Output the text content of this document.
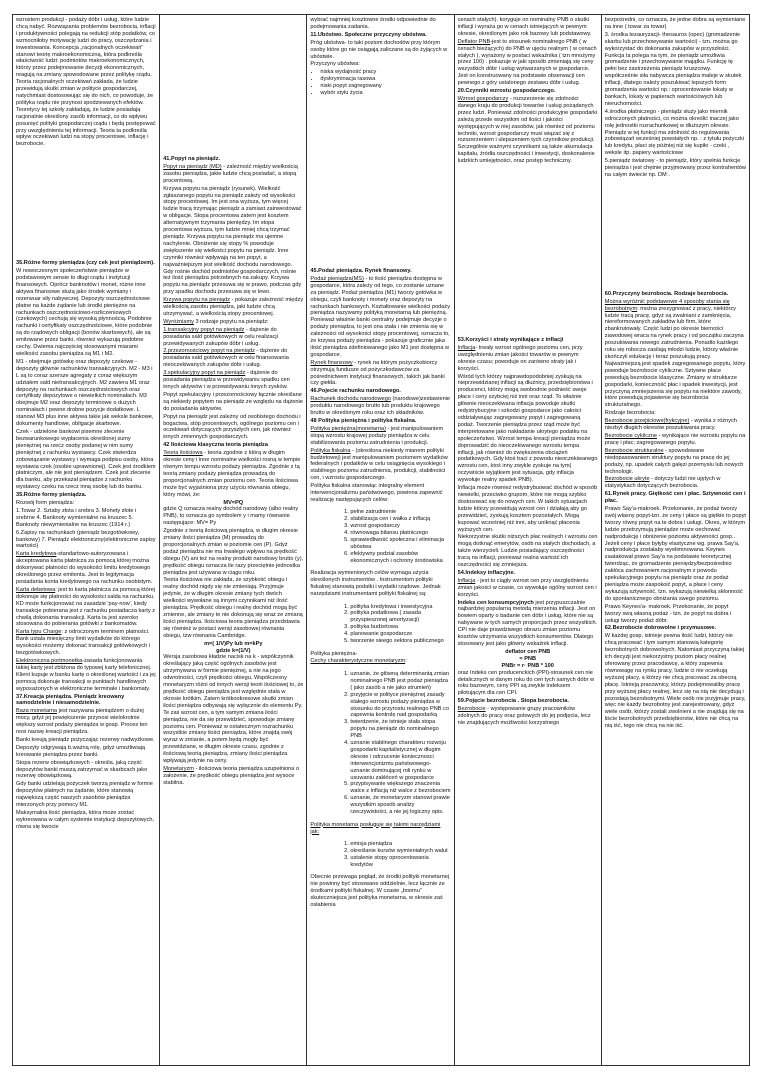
wzrostem produkcji - podaży dóbr i usług, które ludzie chcą nabyć. Rozwiązania problemów bezrobocia, inflacji i produktywności polegają na redukcji stóp podatków, co wzmocniłoby motywację ludzi do pracy, oszczędzania i inwestowania. Koncepcja „racjonalnych oczekiwań” stanowi teorię makroekonomiczną, która podkreśla właściwość ludzi: podmiotów makroekonomicznych, którzy przez podejmowanie decyzji ekonomicznych, reagują na zmiany spowodowane przez politykę rządu. Teoria racjonalnych oczekiwań zakłada, że ludzie przewidują skutki zmian w polityce gospodarczej, natychmiast dostosowując się do nich, co powoduje, że polityka rządu nie przynosi spodziewanych efektów. Teoretycy tej szkoły zakładają, że ludzie posiadają racjonalnie określony zasób informacji, co do wpływu posunięć polityki gospodarczej rządu i będą postępować przy uwzględnieniu tej informacji. Teoria ta podkreśla wpływ oczekiwań ludzi na stopy procentowe, inflację i bezrobocie.
35.Różne formy pieniądza (czy cek jest pieniądzem).
W nowoczesnym społeczeństwie pieniądze w podstawowym sensie to długi rządu i instytucji finansowych. Oprócz banknotów i monet, różne inne aktywa finansowe służą jako środek wymiany i rezerwuar siły nabywczej. Depozyty oszczędnościowe płatne na każde żądanie lub środki pieniężne na rachunkach oszczędnościowo-rozliczeniowych (czekowych) cechują się wysoką płynnością. Podobnie rachunki i certyfikaty oszczędnościowe, które podobnie są do rządowych obligacji (bonów skarbowych), ale są emitowane przez banki, również wykazują podobne cechy. Dwiema najczęściej stosowanymi miarami wielkości zasobu pieniądza są M1 i M2.
M1 - obejmuje gotówkę oraz depozyty czekowe - depozyty głównie rachunków transakcyjnych. M2 - M3 i L są to coraz szersze agregaty z coraz większym udziałem sald nietransakcyjnych. M2 zawiera M1 oraz depozyty na rachunkach oszczędnościowych oraz certyfikaty depozytowe o niewielkich nominałach. M3 obejmuje M2 oraz depozyty terminowe o dużych nominałach i pewne drobne pozycje dodatkowe. L stanowi M3 plus inne aktywa takie jak weksle bankowe, dokumenty handlowe, obligacje skarbowe.
Czek - udzielone bankowi pisemne zlecenie bezwarunkowego wypłacenia określonej sumy pieniężnej na rzecz osoby podanej w nim sumy pieniężnej z rachunku wystawcy. Czek stwierdza zobowiązanie wystawcy i wymaga podpisu osoby, która wystawia czek (osobie uprawnionej). Czek jest środkiem płatniczym, ale nie jest pieniądzem. Czek jest zlecenie dla banku, aby przekazał pieniądze z rachunku wystawcy czeku na rzecz inną osobę lub do banku.
35.Różne formy pieniądza.
Rozwój form pieniądza:
1.Towar 2. Sztaby złota i srebra 3. Monety złote i srebrne 4. Banknoty wymienialne na kruszec 5. Banknoty niewymienialne na kruszec (1914 r.)
6.Zapisy na rachunkach (pieniądz bezgotówkowy, bankowy) 7. Pieniądz elektroniczny(elektroniczne zapisy wartości)
Karta kredytowa-standartowo-autoryzowana i akceptowana karta płatnicza za pomocą której można dokonywać płatności do wysokości limitu kredytowego określonego przez emitenta. Jest to legitymacja posiadania konta kredytowego na rachunku osobistym.
Karta debetowa: jest to karta płatnicza za pomocą której dokonuje się płatności do wysokości salda na rachunku. KD może funkcjonować na zasadzie 'pay-now', kiedy transakcje pobierana jest z rachunku posiadacza karty z chwilą dokonania transakcji. Karta ta jest szeroko stosowana do pobierania gotówki z bankomatów.
Karta typu Charge: z odroczonym terminem płatności. Bank ustala miesięczny limit wydatków do którego wysokości możemy dokonać transakcji gotówkowych i bezgotówkowych.
Elektroniczna portmonetka-zasada funkcjonowania takiej karty jest zbliżona do typowej karty telefonicznej. Klient kupuje w banku kartę o określonej wartości i za jej pomocą dokonuje transakcji w punktach handlowych wyposażonych w elektroniczne terminale i bankomaty.
37.Kreacja pieniądza. Pieniądz kreowany samodzielnie i niesamodzielnie.
Baza monetarna jest nazywana pieniądzem o dużej mocy, gdyż jej powiększenie przynosi wielokrotnie większy wzrost podaży pieniądza w gosp. Proces ten nosi nazwę kreacji pieniądza.
Banki kreują pieniądz pożyczając rezerwy nadwyżkowe.
Depozyty odgrywają b.ważną rolę, gdyż umożliwiają kreowanie pieniądza przez banki.
Stopa rezerw obowiązkowych - określa, jaką część depozytów banki muszą zatrzymać w skarbcach jako rezerwę obowiązkową.
Gdy banki udzielają pożyczek tworzą pieniądz w formie depozytów płatnych na żądanie, które stanowią największą część naszych zasobów pieniądza mierzonych przy pomocy M1.
Maksymalna ilość pieniądza, która może zostać wykreowana w całym systemie instytucji depozytowych, równa się kwocie
41.Popyt na pieniądz.
Popyt na pieniądz (MD) - zależność między wielkością zasobu pieniądza, jakie ludzie chcą posiadać, a stopą procentową.
Krzywa popytu na pieniądz (rysunek). Wielkość zgłaszanego popytu na pieniądz zależy od wysokości stopy procentowej. Im jest ona wyższa, tym więcej ludzie tracą trzymając pieniądz a zamiast zainwestować w obligacje. Stopa procentowa zatem jest kosztem alternatywnym trzymania pieniędzy. Im stopa procentowa wyższa, tym ludzie mniej chcą trzymać pieniądz. Krzywa popytu na pieniądz ma ujemne nachylenie. Obniżenie się stopy % powoduje zwiększenie się wielkości popytu na pieniądz. Inne czynniki również wpływają na ten popyt, a najważniejszym jest wielkość dochodu narodowego. Gdy rośnie dochód podmiotów gospodarczych, rośnie też ilość pieniądza potrzebnych na zakupy. Krzywa popytu na pieniądz przesuwa się w prawo, podczas gdy przy spadku dochodu przesuwa się w lewo.
Krzywa popytu na pieniądz - pokazuje zależność między wielkością zasobu pieniądza, jaki ludzie chcą utrzymywać, a wielkością stopy procentowej.
Wyróżniamy 3 rodzaje popytu na pieniądz:
1.transakcyjny popyt na pieniądz - dążenie do posiadania sald gotówkowych w celu realizacji przewidywanych zakupów dóbr i usług.
2.przezornościowy popyt na pieniądz - dążenie do posiadania sald gotówkowych w celu finansowania nieoczekiwanych zakupów dóbr i usług.
3.spekulacyjny popyt na pieniądz - dążenie do posiadania pieniądza w przewidywaniu spadku cen innych aktywów i w przewidywaniu innych zysków.
Popyt spekulacyjny i przezornościowy łącznie określane są niekiedy popytem na pieniądz ze względu na dążenie do posiadania aktywów.
Popyt na pieniądz jest zależny od osobistego dochodu i bogactwa, stóp procentowych, ogólnego poziomu cen i oczekiwań dotyczących przyszłych cen, jak również innych zmiennych gospodarczych.
42 Ilościowa klasyczna teoria pieniądza
Teoria ilościowa - teoria zgodnie z którą w długim okresie ceny i inne nominalne wielkości rosną w tempie równym tempu wzrostu podaży pieniądza. Zgodnie z tą teorią zmiany podaży pieniądza prowadzą do proporcjonalnych zmian poziomu cen. Teoria ilościowa może być wyjaśniona przy użyciu równania obiegu, który mówi, że:
MV=PQ
gdzie Q oznacza realny dochód narodowy (albo realny PNB), to oznacza go symbolem y i mamy równanie następujące: MV= Py
Zgodnie z teorią ilościową pieniądza, w długim okresie zmiany ilości pieniądza (M) prowadzą do proporcjonalnych zmian w poziomie cen (P). Gdyż podaż pieniądza nie ma trwałego wpływu na prędkość obiegu (V) ani też na realny produkt narodowy brutto (y), prędkość obiegu oznacza ile razy przeciętnie jednostka pieniądza jest używana w ciągu roku.
Teoria ilościowa nie zakłada, że szybkość obiegu i realny dochód nigdy się nie zmieniają. Przyjmuje jedynie, że w długim okresie zmiany tych dwóch wielkości wywołane są innymi czynnikami niż ilość pieniądza. Prędkość obiegu i realny dochód mogą być zmienne, ale zmiany te nie dokonują się wraz ze zmianą ilości pieniądza. Ilościowa teoria pieniądza przedstawia się również w postaci wersji zasobowej równania obiegu, tzw równania Cambridge.
m=( 1/V)Py lub m=kPy
gdzie k=(1/V)
Wersja zasobowa kładzie nacisk na k - współczynnik określający jaką część ogólnych zasobów jest utrzymywana w formie pieniężnej, a nie na jego odwrotności, czyli prędkości obiegu. Współczesny monetaryzm różni od innych wersji teorii ilościowej to, że prędkość obiegu pieniądza jest względnie stała w okresie krótkim. Zatem krótkookresowe skutki zmian ilości pieniądza odbywają się wyłącznie do elementu Py. Te zaś wzrost cen, a tym samym zmiana ilości pieniądza, nie da się przewidzieć, spowoduje zmianę poziomu cen. Ponieważ w ostatecznym rozrachunku wszystkie zmiany ilości pieniądza, które znajdą swój wyraz w zmianie, a potem będą mogły być przewidziane, w długim okresie czasu, zgodnie z ilościową teorią pieniądza, zmiany ilości pieniądza wpływają jedynie na ceny.
Monetaryzm - ilościowa teoria pieniądza uzupełniona o założenie, że prędkość obiegu pieniądza jest wysoce stabilna.
wybrać najmniej kosztowne środki odpowiednie do podejmowania zadania.
11.Ubóstwo. Społeczne przyczyny ubóstwa.
Próg ubóstwa- to taki poziom dochodów przy którym osoby które go nie osiągają zaliczane są do żyjących w ubóstwie.
Przyczyny ubóstwa:
• niska wydajność pracy
• dyskryminacja rasowa
• niski popyt zagregowany
• wybór stylu życia
45.Podaż pieniądza. Rynek finansowy.
Podaż pieniądza(MS) - to ilość pieniądza dostępna w gospodarce, która zależy od tego, co zostanie uznane za pieniądz. Podaż pieniądza (M1) tworzy gotówka w obiegu, czyli banknoty i monety oraz depozyty na rachunkach bankowych. Kształtowanie wielkości podaży pieniądza nazywamy polityką monetarną lub pieniężną. Ponieważ właśnie banki centralny podejmuje decyzje o podaży pieniądza, to jest ona stała i nie zmienia się w zależności od wysokości stopy procentowej, oznacza to, że krzywa podaży pieniądza - pokazuje graficznie jaka ilość pieniądza zdefiniowanego jako M1 jest dostępna w gospodarce.
Rynek finansowy - rynek na którym pożyczkobiorcy otrzymują fundusze od pożyczkodawców za pośrednictwem instytucji finansowych, takich jak banki czy giełda.
46.Pojecie rachunku narodowego.
Rachunek dochodu narodowego (narodowe)zestawienie produktu narodowego brutto lub produktu krajowego brutto w określonym roku oraz ich składników.
48 Polityka pieniężna i polityka fiskalna.
Polityka pieniężna(monetarna) - jest manipulowaniem stopą wzrostu krajowej podaży pieniądza w celu stabilizowania poziomu zatrudnienia i produkcji.
Polityka fiskalna - (określona niekiedy mianem polityki budżetowej) jest manipulowaniem poziomem wydatków federalnych i podatków w celu osiągnięcia wysokiego i stabilnego poziomu zatrudnienia, produkcji, stabilności cen, i wzrostu gospodarczego.
Polityka fiskalna stanowiąc integralny element interwencjonalizmu państwowego, powinna zapewnić realizację następujących celów:
1. pełne zatrudnienie
2. stabilizacja cen i wałka z inflacją
3. wzrost gospodarczy
4. równowaga bilansu płatniczego
5. sprawiedliwość społeczna i eliminacja ubóstwa
6. efektywny podział zasobów ekonomicznych i ochrony środowiska
Realizacja wymienionych celów wymaga użycia określonych instrumentów . Instrumentom polityki fiskalnej stanowią podatki i wydatki rządowe. Jednak narzędziami instrumentami polityki fiskalnej są:
1. polityka kredytowa i inwestycyjna
2. polityka podatkowa ( zasada przyspieszonej amortyzacji)
3. polityka budżetowa
4. planowanie gospodarcze
5. tworzenie sieego sektora publicznego
Polityka pieniężna-
Cechy charakterystyczne monetaryzm:
1. uznanie, że główną determinantą zmian nominalnego PNB jest podaż pieniądza ( jako zasób a nie jako strumień)
2. przyjęcie w polityce pieniężnej zasady stałego wzrostu podaży pieniądza w stosunku do przyrostu realnego PNB co zapewnia kontrolę nad gospodarką
3. twierdzenie, że istnieje stała stopa popytu na pieniądz do nominalnego PNB
4. uznanie stabilnego charakteru rozwoju gospodarki kapitalistycznej w długim okresie i odrzucenie koniecznosci interwencjonizmu państwowego-uznanie dominującej roli rynku w usuwaniu zakłóceń w gospodarce
5. przypisywanie większego znaczenia walce z inflacją niż walce z bezrobociem
6. uznanie, że monetaryzm stanowi prawie wszystkim sposób analizy rzeczywistości, a nie jej logiczny opis.
Polityka monetarna posługuje się takimi narzędziami jak:
1. emisja pieniądza
2. określanie kursów wymienialnych walut
3. ustalenie stopy oprocentowania kredytów
Obecnie przewaga pogląd, że środki polityki monetarnej nie powinny być stosowane oddzielnie, lecz łącznie ze środkami polityki fiskalnej. W czasie „boomu” skuteczniejsza jest polityka monetarna, w okresie zaś osłabienia
cenach stałych). koryguje on nominalny PNB o skutki inflacji i wyraża go w cenach istniejących w pewnym okresie, określonym jako rok bazowy lub podstawowy.
Deflator PNB-jest to stosunek nominalnego PNB ( w cenach bieżących) do PNB w ujęciu realnym ( w cenach stałych ), wyrażony w postaci wskaźnika ( tzn mnożymy przez 100) . pokazuje w jaki sposób zmieniają się ceny wszystkich dóbr i usług wytwarzanych w gospodarce. Jest on konstruowany na podstawie obserwacji cen pewnego z góry ustalonego zestawu dóbr i usług.
20.Czynniki wzrostu gospodarczego.
Wzrost gospodarczy - rozszerzenie się zdolności danego kraju do produkcji towarów i usług pożądanych przez ludzi. Ponieważ zdolności produkcyjne gospodarki zależą przede wszystkim od ilości i jakości występujących w niej zasobów, jak również od poziomu techniki, wzrost gospodarczy musi wiązać się z rozszerzeniem i ulepszeniem tych czynników produkcji. Szczególnie ważnymi czynnikami są także akumulacja kapitału, źródła oszczędności i inwestycji, doskonalenie ludzkich umiejętności, oraz postęp techniczny.
53.Korzyści i straty wynikające z inflacji
Inflacja- trwały wzrost ogólnego poziomu cen, przy uwzględnieniu zmian jakości towarów w pewnym okresie czasu; powoduje on zarówno straty jak i korzyści.
Wśród tych którzy najprawdopodobniej zyskują na nieprzewidzianej inflacji są dłużnicy, przedsiębiorstwa i producenci, którzy mogą swobodnie podnieść swoje płace i ceny szybciej niż inni oraz rząd. To właśnie głównie nieoczekiwana inflacja powoduje skutki redystrybucyjne i szkodzi gospodarce jako całości oddziaływując zagregowany popyt i zagregowaną podaż. Tworzenie pieniądza przez rząd może być interpretowane jako nakładanie ukrytego podatku na społeczeństwo. Wzrost tempa kreacji pieniądza może doprowadzić do nieoczekiwanego wzrostu tempa inflacji, jak również do zwiększenia obciążeń podatkowych. Gdy ktoś traci z powodu nieoczekiwanego wzrostu cen, ktoś inny zwykle zyskuje na tym( oczywiście wyjątkiem jest sytuacja, gdy inflacja wywołuje realny spadek PNB).
Inflacja może również redystrybuować dochód w sposób niewielki, przeciwko grupom, które nie mogą szybko dostosować się do nowych cen. W takich sytuacjach ludzie którzy przewidują wzrost cen i działają aby go przewidzieć, zyskują kosztem pozostałych. Mogą kupować wcześniej niż inni, aby uniknąć płacenia wyższych cen.
Niekorzystne skutki niższych płac realnych i wzrostu cen mogą dotknąć emerytów, osób na stałych dochodach, a także wierzycieli. Ludzie posiadający oszczędności tracą na inflacji, ponieważ realna wartość ich oszczędności się zmniejsza.
54.Indeksy inflacyjne.
Inflacja - jest to ciągły wzrost cen przy uwzględnieniu zmian jakości w czasie, co wywołuje ogólny wzrost cen i korzyści.
Indeks cen konsumpcyjnych jest przypuszczalnie najbardziej popularną metodą mierzenia inflacji. Jest on bowiem oparty o badanie cen dóbr i usług, które nie są nabywane w tych samych proporcjach przez wszystkich. CPI nie daje prawdziwego obrazu zmian poziomu kosztów utrzymania wszystkich konsumentów. Dlatego stosowany jest jako główny wskaźnik inflacji.
deflator cen PNB
= PNB
PNBr = r· PNB * 100
oraz Indeks cen producenckich (PPI)-stosunek cen nie detalicznych w danym roku do cen tych samych dóbr w roku bazowym, ceny PPI są zwykle indeksem pilotującym dla cen CPI.
59.Pojęcie bezrobocia . Stopa bezrobocia.
Bezrobocie - występowanie grupy pracowników zdolnych do pracy oraz gotowych do jej podjęcia, lecz nie znajdujących możliwości korzystnego
bezpośredni, co oznacza, że jedne dobra są wymieniane na inne ( towar za towar)
3. środka tezauryzacji- thesauros (opec) (gromadzenie skarbu lub przechowywanie wartości) - tzn. można go wykorzystać do dokonania zakupów w przyszłości. Funkcja ta polega na tym, że pieniądz umożliwia gromadzenie i przechowywanie majątku. Funkcję tę pełni bez zastrzeżenia pieniądz kruszcowy. współcześnie siła nabywcza pieniądza maleje w skutek inflacji, dlatego należy poszukiwać lepszych form gromadzenia wartości np.: oprocentowanie lokaty w bankach, lokaty w papierach wartościowych lub nieruchomości.
4.środka płatniczego - pieniądz służy jako miernik odroczonych płatności, co można określić inaczej jako rolę jednostki rozrachunkowej w dłuższym okresie. Pieniądz w tej funkcji ma zdolność do regulowania zobowiązań wcześniej powstałych np. : z tytułu pożyczki lub kredytu, płaci się później niż się kupiło - czeki , weksle itp. papiery wartościowe
5.pieniądz światowy - to pieniądz, który spełnia funkcje pieniądza i jest chętnie przyjmowany przez kontrahentów na całym świecie np. DM .
60.Przyczyny bezrobocia. Rodzaje bezrobocia.
Można wyróżnić podstawowe 4 sposoby stania się bezrobotnym: można zrezygnować z pracy, niektórzy ludzie tracą pracę, gdyż są zwalniani z zamknięcia, niereformowanych zakładów lub firm, które zbankrutowały. Część ludzi po okresie bierności zawodowej wraca na rynek pracy i od początku zaczyna poszukiwania nowego zatrudnienia. Ponadto każdego roku się robocza zasilają młodzi ludzie, którzy właśnie skończyli edukację i teraz poszukują pracy. Najważniejszą jest spadek zagregowanego popytu, który powoduje bezrobocie cykliczne. Sztywne płace powodują bezrobocie klasyczne. Zmiany w strukturze gospodarki, konieczność płac i spadek inwestycji, jest przyczyną zmniejszenia się popytu na niektóre zawody, które powodują pojawienie się bezrobocia strukturalnego.
Rodzaje bezrobocia:
Bezrobocie przejściowe(frykcyjne) - wynika z różnych niezbyt długich okresów poszukiwania pracy.
Bezrobocie cykliczne - wynikające nie wzrostu popytu na pracę i płac; zagregowanego popytu.
Bezrobocie strukturalne - spowodowane niedopasowaniem struktury popytu na pracę do jej podaży, np. upadek całych gałęzi przemysłu lub nowych technologii.
Bezrobocie ukryte - dotyczy ludzi nie ujętych w statystykach dotyczących bezrobocia.
61.Rynek pracy. Giętkość cen i płac. Sztywność cen i płac.
Prawo Say'a-makroek. Przekonanie, że podaż tworzy swój własny popyt-tzn. że ceny i płace są giętkie to popyt tworzy równy popyt na te dobra i usługi. Okres, w którym ludzie przetrzymują pieniądze może oechować nadprodukcję i obniżenie poziomu aktywności gosp.. Jeżeli ceny i płace byłyby elastyczne wg. prawa Say'a, nadprodukcja zostałaby wyeliminowana. Keynes zaatakował prawo Say'a na podstawie teoretycznej twierdząc, że gromadzenie pieniędzy/bezpośrednio zakłóca zachowaniem racjonalnym z powodu spekulacyjnego popytu na pieniądz oraz że podaż pieniądza może zaspokoić popyt, a płace i ceny wykazują sztywność, tzn. wykazują niewielką skłonność do spontanicznego obniżania swego poziomu.
Prawo Keynes'a- makroek. Przekonanie, że popyt tworzy swą własną podaż - tzn. że popyt na dobra i usługi tworzy podaż dóbr.
62.Bezrobocie dobrowolne i przymusowe.
W każdej gosp. istnieje pewna ilość ludzi, którzy nie chcą pracować i tym samym stanowią kategorię bezrobotnych dobrowolnych. Natomiast przyczyną takiej ich decyzji jest niekorzystny poziom płacy realnej oferowany przez pracodawcę, a który zapewnia równowagę na rynku pracy, ludzie ci nie oczekują wyższej płacy, a którzy nie chcą pracować za obecną płacę. Istnieją pracownicy, którzy podejmowaliby pracę przy wyższej płacy realnej, lecz się na nią nie decydują i pozostają bezrobotnymi. Wiele osób nie przyjmuje pracy, więc nie każdy bezrobotny jest zarejestrowany, gdyż wiele osób, którzy zostali zwolnieni a nie znajdują się na liście bezrobotnych przedsiębiorstw, które nie chcą na nią iść, tego nie chcą na nie iść.
